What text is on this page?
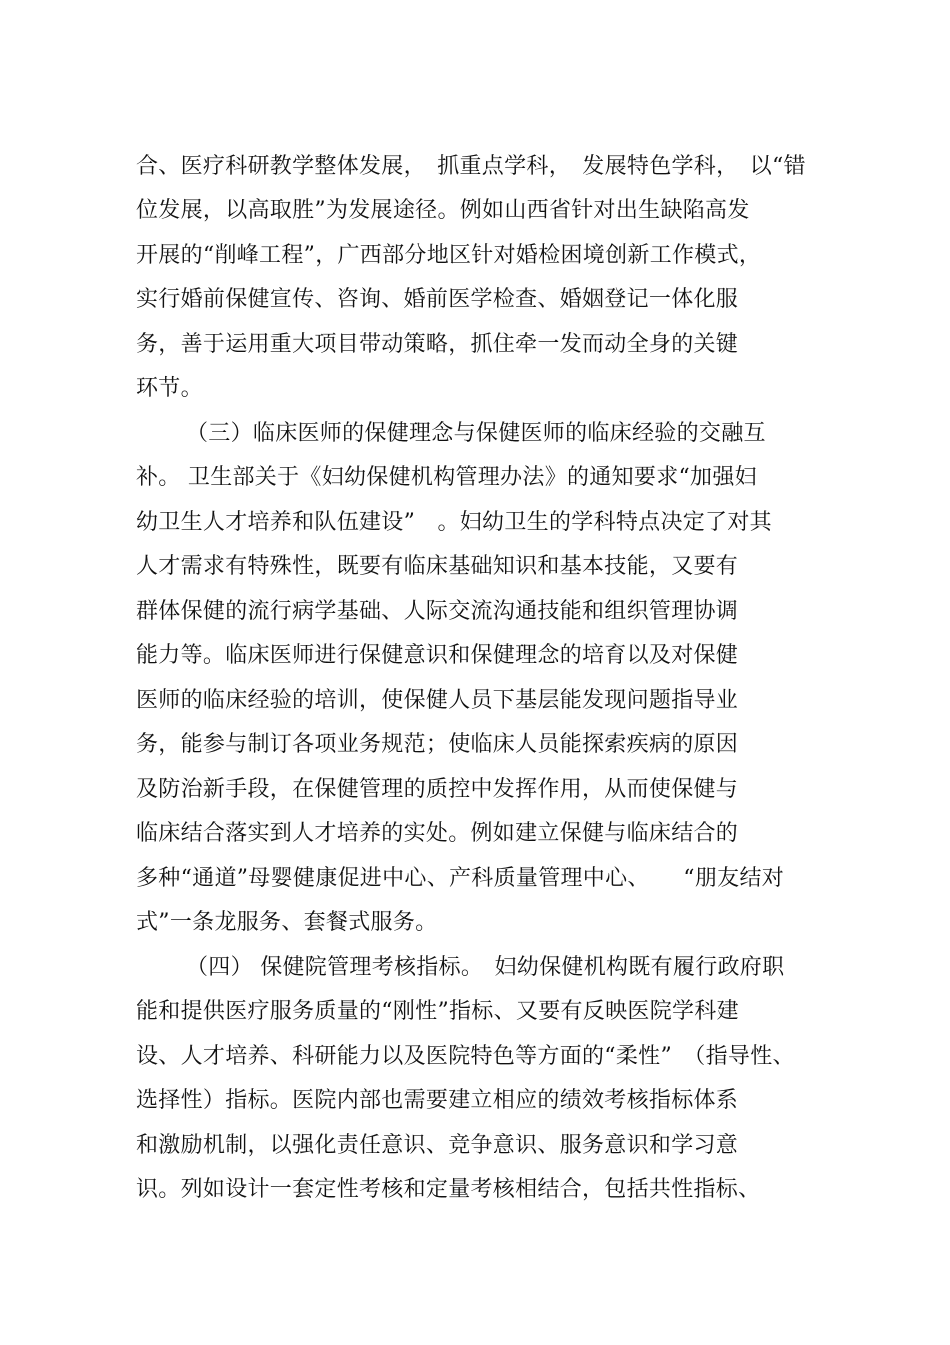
合、医疗科研教学整体发展，　抓重点学科，　发展特色学科，　以“错
位发展，以高取胜”为发展途径。例如山西省针对出生缺陷高发
开展的“削峰工程”，广西部分地区针对婚检困境创新工作模式，
实行婚前保健宣传、咨询、婚前医学检查、婚姻登记一体化服
务，善于运用重大项目带动策略，抓住牵一发而动全身的关键
环节。
（三）临床医师的保健理念与保健医师的临床经验的交融互
补。 卫生部关于《妇幼保健机构管理办法》的通知要求“加强妇
幼卫生人才培养和队伍建设”　。妇幼卫生的学科特点决定了对其
人才需求有特殊性，既要有临床基础知识和基本技能，又要有
群体保健的流行病学基础、人际交流沟通技能和组织管理协调
能力等。临床医师进行保健意识和保健理念的培育以及对保健
医师的临床经验的培训，使保健人员下基层能发现问题指导业
务，能参与制订各项业务规范；使临床人员能探索疾病的原因
及防治新手段，在保健管理的质控中发挥作用，从而使保健与
临床结合落实到人才培养的实处。例如建立保健与临床结合的
多种“通道”母婴健康促进中心、产科质量管理中心、　　“朋友结对
式”一条龙服务、套餐式服务。
（四） 保健院管理考核指标。　妇幼保健机构既有履行政府职
能和提供医疗服务质量的“刚性”指标、又要有反映医院学科建
设、人才培养、科研能力以及医院特色等方面的“柔性”　（指导性、
选择性）指标。医院内部也需要建立相应的绩效考核指标体系
和激励机制，以强化责任意识、竞争意识、服务意识和学习意
识。列如设计一套定性考核和定量考核相结合，包括共性指标、
